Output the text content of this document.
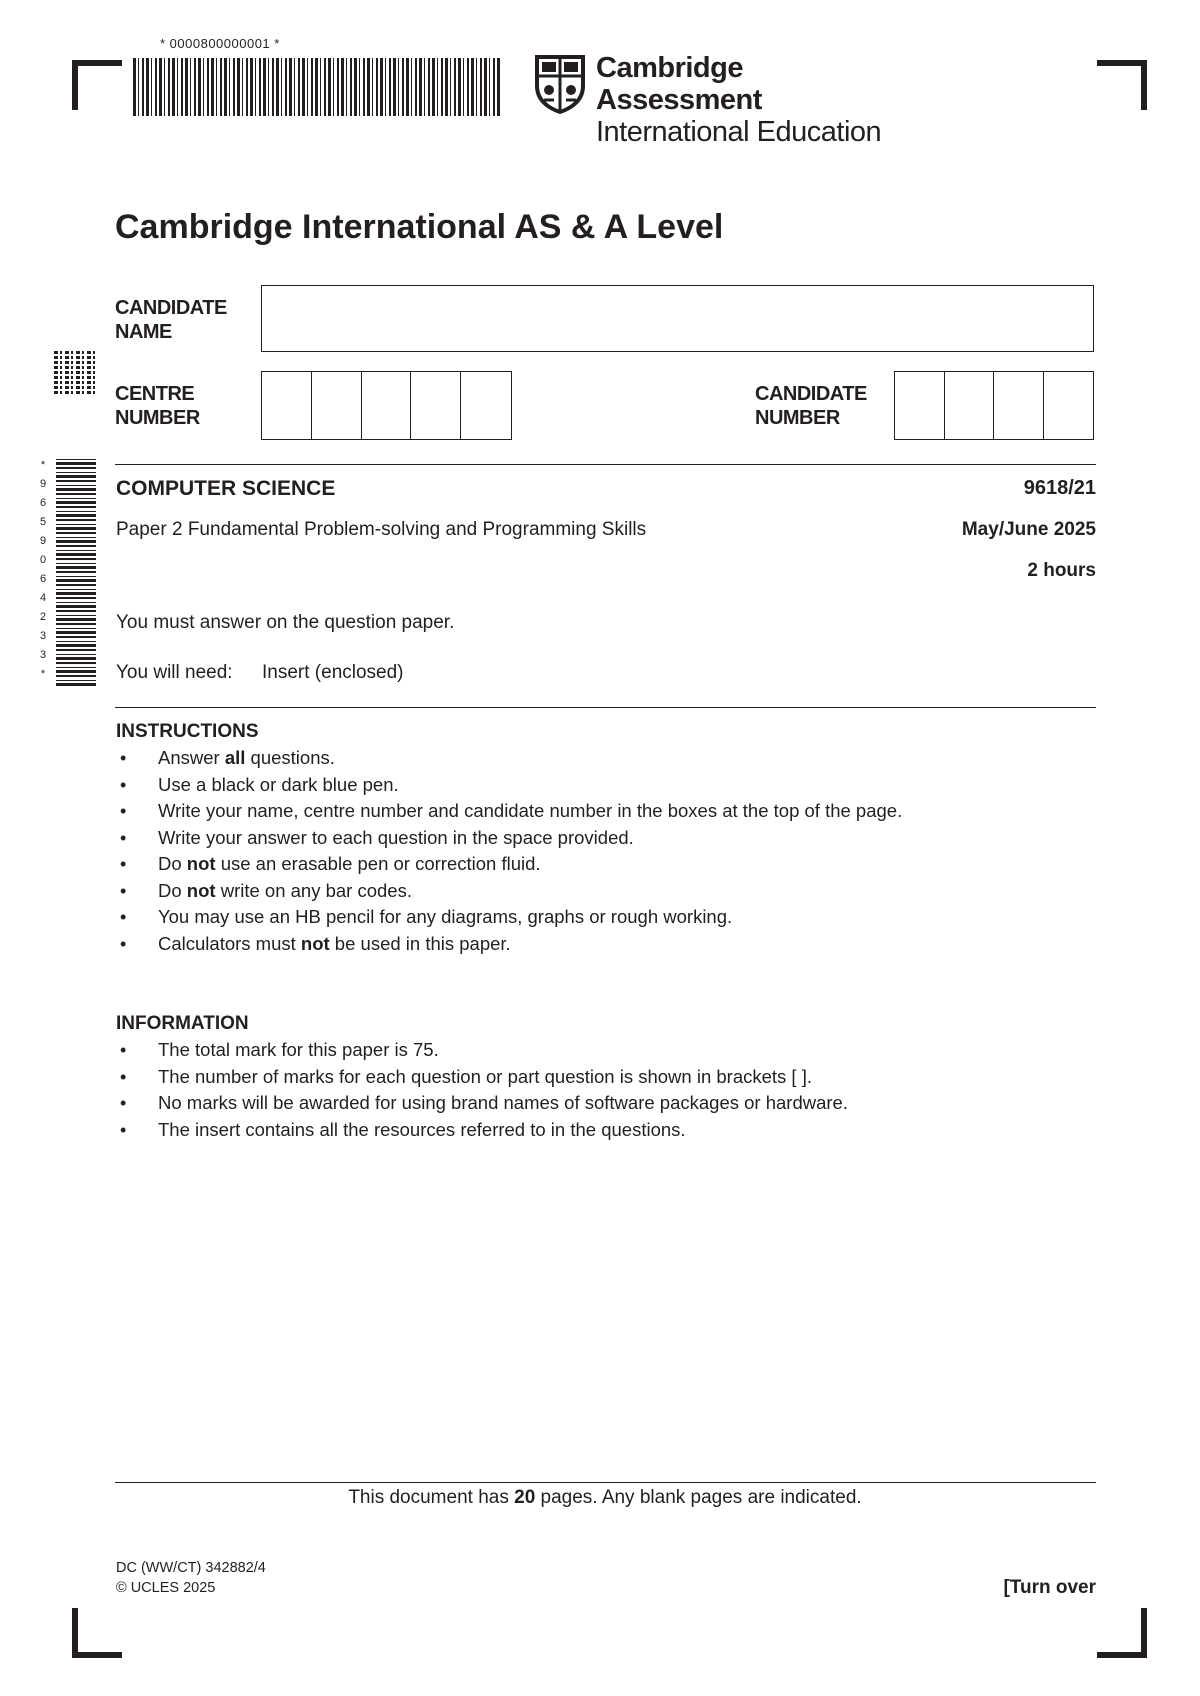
* 0000800000001 *
Cambridge Assessment
International Education
Cambridge International AS & A Level
CANDIDATE
NAME
*
9
6
5
9
0
6
4
2
3
3
*
CENTRE
NUMBER
CANDIDATE
NUMBER
COMPUTER SCIENCE	9618/21
Paper 2 Fundamental Problem-solving and Programming Skills	May/June 2025
2 hours
You must answer on the question paper.
You will need: Insert (enclosed)
INSTRUCTIONS
• Answer all questions.
• Use a black or dark blue pen.
• Write your name, centre number and candidate number in the boxes at the top of the page.
• Write your answer to each question in the space provided.
• Do not use an erasable pen or correction fluid.
• Do not write on any bar codes.
• You may use an HB pencil for any diagrams, graphs or rough working.
• Calculators must not be used in this paper.
INFORMATION
• The total mark for this paper is 75.
• The number of marks for each question or part question is shown in brackets [ ].
• No marks will be awarded for using brand names of software packages or hardware.
• The insert contains all the resources referred to in the questions.
This document has 20 pages. Any blank pages are indicated.
DC (WW/CT) 342882/4
© UCLES 2025	[Turn over
